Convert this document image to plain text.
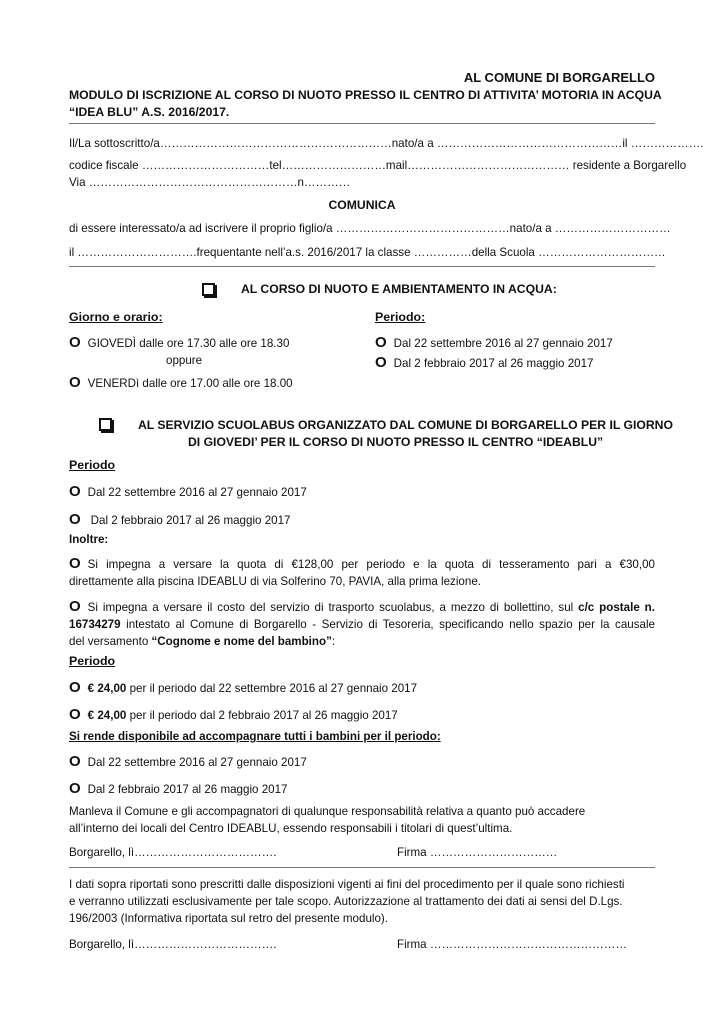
AL COMUNE DI BORGARELLO
MODULO DI ISCRIZIONE AL CORSO DI NUOTO PRESSO IL CENTRO DI ATTIVITA’ MOTORIA IN ACQUA
“IDEA BLU” A.S. 2016/2017.
Il/La sottoscritto/a……………………………………………………nato/a a …………………………………………il ……………….
codice fiscale ……………………………tel………………………mail…………………………………… residente a Borgarello
Via ………………………………………………n…………
COMUNICA
di essere interessato/a ad iscrivere il proprio figlio/a ………………………………………nato/a a …………………………
il ………………………….frequentante nell’a.s. 2016/2017 la classe ……………della Scuola ……………………………
AL CORSO DI NUOTO E AMBIENTAMENTO IN ACQUA:
Giorno e orario:
O GIOVEDÌ dalle ore 17.30 alle ore 18.30
oppure
O VENERDì dalle ore 17.00 alle ore 18.00
Periodo:
O Dal 22 settembre 2016 al 27 gennaio 2017
O Dal 2 febbraio 2017 al 26 maggio 2017
AL SERVIZIO SCUOLABUS ORGANIZZATO DAL COMUNE DI BORGARELLO PER IL GIORNO
DI GIOVEDI’ PER IL CORSO DI NUOTO PRESSO IL CENTRO “IDEABLU”
Periodo
O Dal 22 settembre 2016 al 27 gennaio 2017
O Dal 2 febbraio 2017 al 26 maggio 2017
Inoltre:
O Si impegna a versare la quota di €128,00 per periodo e la quota di tesseramento pari a €30,00
direttamente alla piscina IDEABLU di via Solferino 70, PAVIA, alla prima lezione.
O Si impegna a versare il costo del servizio di trasporto scuolabus, a mezzo di bollettino, sul c/c postale n.
16734279 intestato al Comune di Borgarello - Servizio di Tesoreria, specificando nello spazio per la causale
del versamento “Cognome e nome del bambino”:
Periodo
O € 24,00 per il periodo dal 22 settembre 2016 al 27 gennaio 2017
O € 24,00 per il periodo dal 2 febbraio 2017 al 26 maggio 2017
Si rende disponibile ad accompagnare tutti i bambini per il periodo:
O Dal 22 settembre 2016 al 27 gennaio 2017
O Dal 2 febbraio 2017 al 26 maggio 2017
Manleva il Comune e gli accompagnatori di qualunque responsabilità relativa a quanto può accadere
all’interno dei locali del Centro IDEABLU, essendo responsabili i titolari di quest’ultima.
Borgarello, lì……………………………….	Firma ……………………………
I dati sopra riportati sono prescritti dalle disposizioni vigenti ai fini del procedimento per il quale sono richiesti
e verranno utilizzati esclusivamente per tale scopo. Autorizzazione al trattamento dei dati ai sensi del D.Lgs.
196/2003 (Informativa riportata sul retro del presente modulo).
Borgarello, lì……………………………….	Firma ……………………………………………
